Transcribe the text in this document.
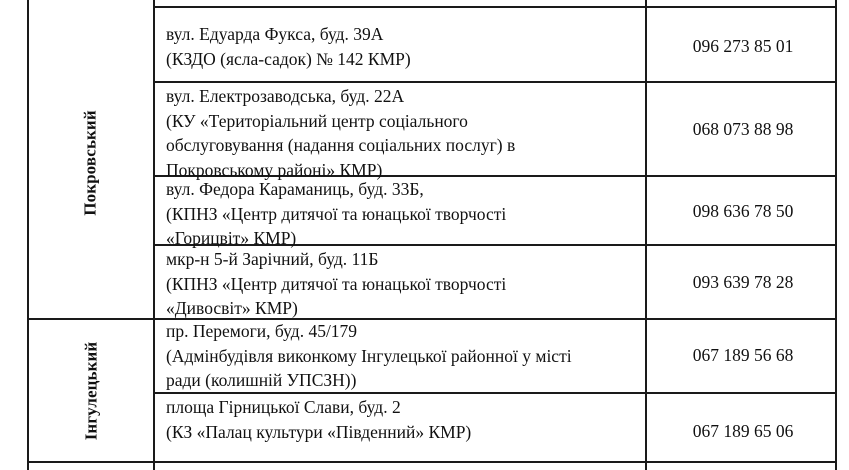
Покровський
Інгулецький
вул. Едуарда Фукса, буд. 39А
(КЗДО (ясла-садок) № 142 КМР)
096 273 85 01
вул. Електрозаводська, буд. 22А
(КУ «Територіальний центр соціального
обслуговування (надання соціальних послуг) в
Покровському районі» КМР)
068 073 88 98
вул. Федора Караманиць, буд. 33Б,
(КПНЗ «Центр дитячої та юнацької творчості
«Горицвіт» КМР)
098 636 78 50
мкр-н 5-й Зарічний, буд. 11Б
(КПНЗ «Центр дитячої та юнацької творчості
«Дивосвіт» КМР)
093 639 78 28
пр. Перемоги, буд. 45/179
(Адмінбудівля виконкому Інгулецької районної у місті
ради (колишній УПСЗН))
067 189 56 68
площа Гірницької Слави, буд. 2
(КЗ «Палац культури «Південний» КМР)	067 189 65 06
